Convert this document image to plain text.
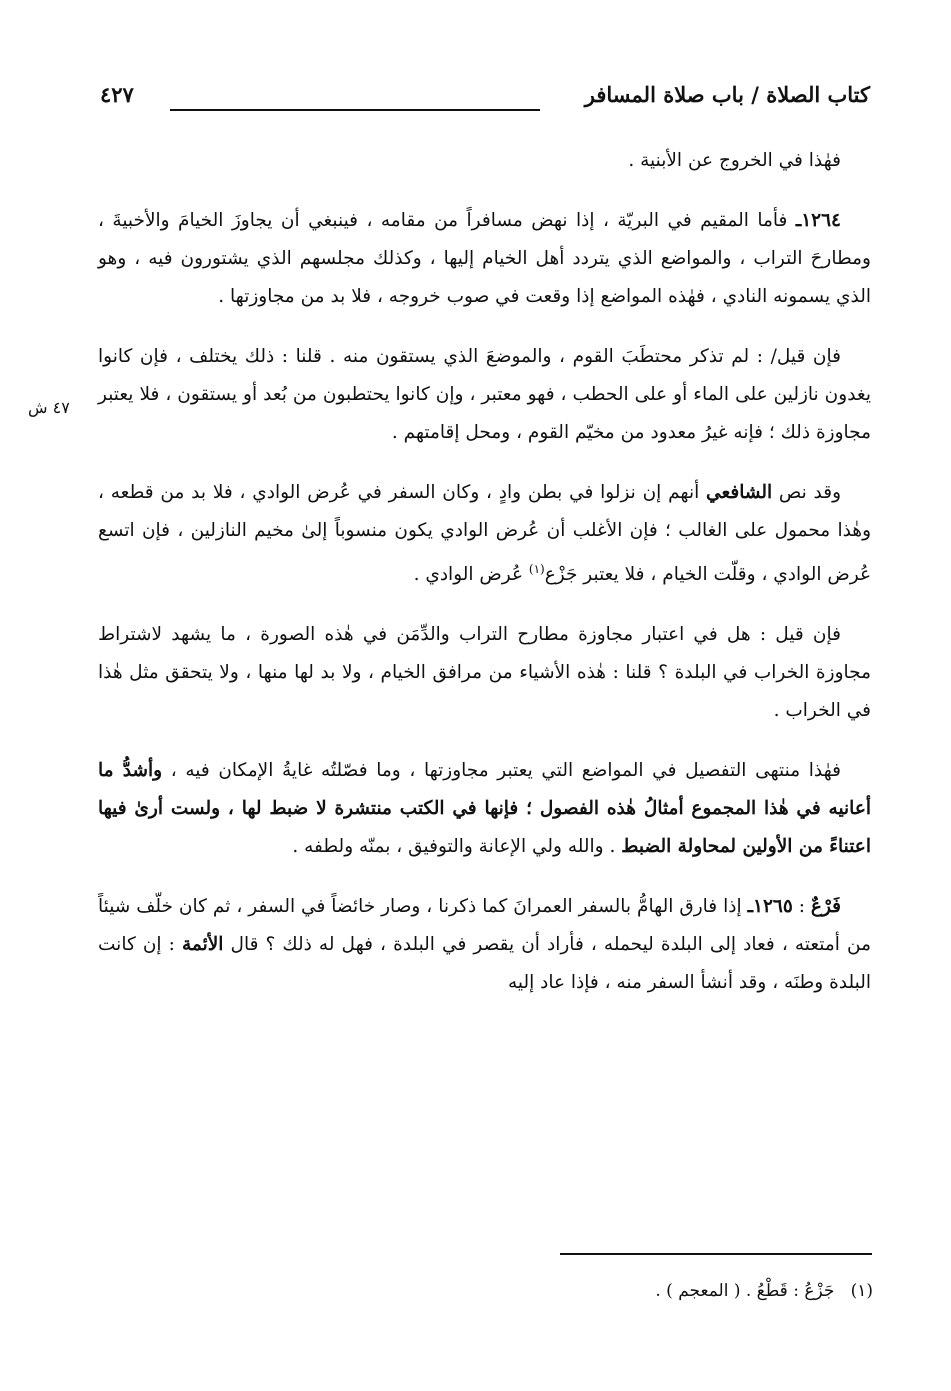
كتاب الصلاة / باب صلاة المسافر
٤٢٧
٤٧ ش

فهٰذا في الخروج عن الأبنية .

١٢٦٤ـ فأما المقيم في البريّة ، إذا نهض مسافراً من مقامه ، فينبغي أن يجاوزَ الخيامَ والأخبيةَ ، ومطارحَ التراب ، والمواضع الذي يتردد أهل الخيام إليها ، وكذلك مجلسهم الذي يشتورون فيه ، وهو الذي يسمونه النادي ، فهٰذه المواضع إذا وقعت في صوب خروجه ، فلا بد من مجاوزتها .

فإن قيل/ : لم تذكر محتطَبَ القوم ، والموضعَ الذي يستقون منه . قلنا : ذلك يختلف ، فإن كانوا يغدون نازلين على الماء أو على الحطب ، فهو معتبر ، وإن كانوا يحتطبون من بُعد أو يستقون ، فلا يعتبر مجاوزة ذلك ؛ فإنه غيرُ معدود من مخيّم القوم ، ومحل إقامتهم .

وقد نص الشافعي أنهم إن نزلوا في بطن وادٍ ، وكان السفر في عُرض الوادي ، فلا بد من قطعه ، وهٰذا محمول على الغالب ؛ فإن الأغلب أن عُرض الوادي يكون منسوباً إلىٰ مخيم النازلين ، فإن اتسع عُرض الوادي ، وقلّت الخيام ، فلا يعتبر جَزْع$^{(١)}$ عُرض الوادي .

فإن قيل : هل في اعتبار مجاوزة مطارح التراب والدِّمَن في هٰذه الصورة ، ما يشهد لاشتراط مجاوزة الخراب في البلدة ؟ قلنا : هٰذه الأشياء من مرافق الخيام ، ولا بد لها منها ، ولا يتحقق مثل هٰذا في الخراب .

فهٰذا منتهى التفصيل في المواضع التي يعتبر مجاوزتها ، وما فصّلتُه غايةُ الإمكان فيه ، وأشدُّ ما أعانيه في هٰذا المجموع أمثالُ هٰذه الفصول ؛ فإنها في الكتب منتشرة لا ضبط لها ، ولست أرىٰ فيها اعتناءً من الأولين لمحاولة الضبط . والله ولي الإعانة والتوفيق ، بمنّه ولطفه .

فَرْعٌ : ١٢٦٥ـ إذا فارق الهامُّ بالسفر العمرانَ كما ذكرنا ، وصار خائضاً في السفر ، ثم كان خلّف شيئاً من أمتعته ، فعاد إلى البلدة ليحمله ، فأراد أن يقصر في البلدة ، فهل له ذلك ؟ قال الأئمة : إن كانت البلدة وطنَه ، وقد أنشأ السفر منه ، فإذا عاد إليه

(١)   جَزْعُ : قَطْعُ . ( المعجم ) .
